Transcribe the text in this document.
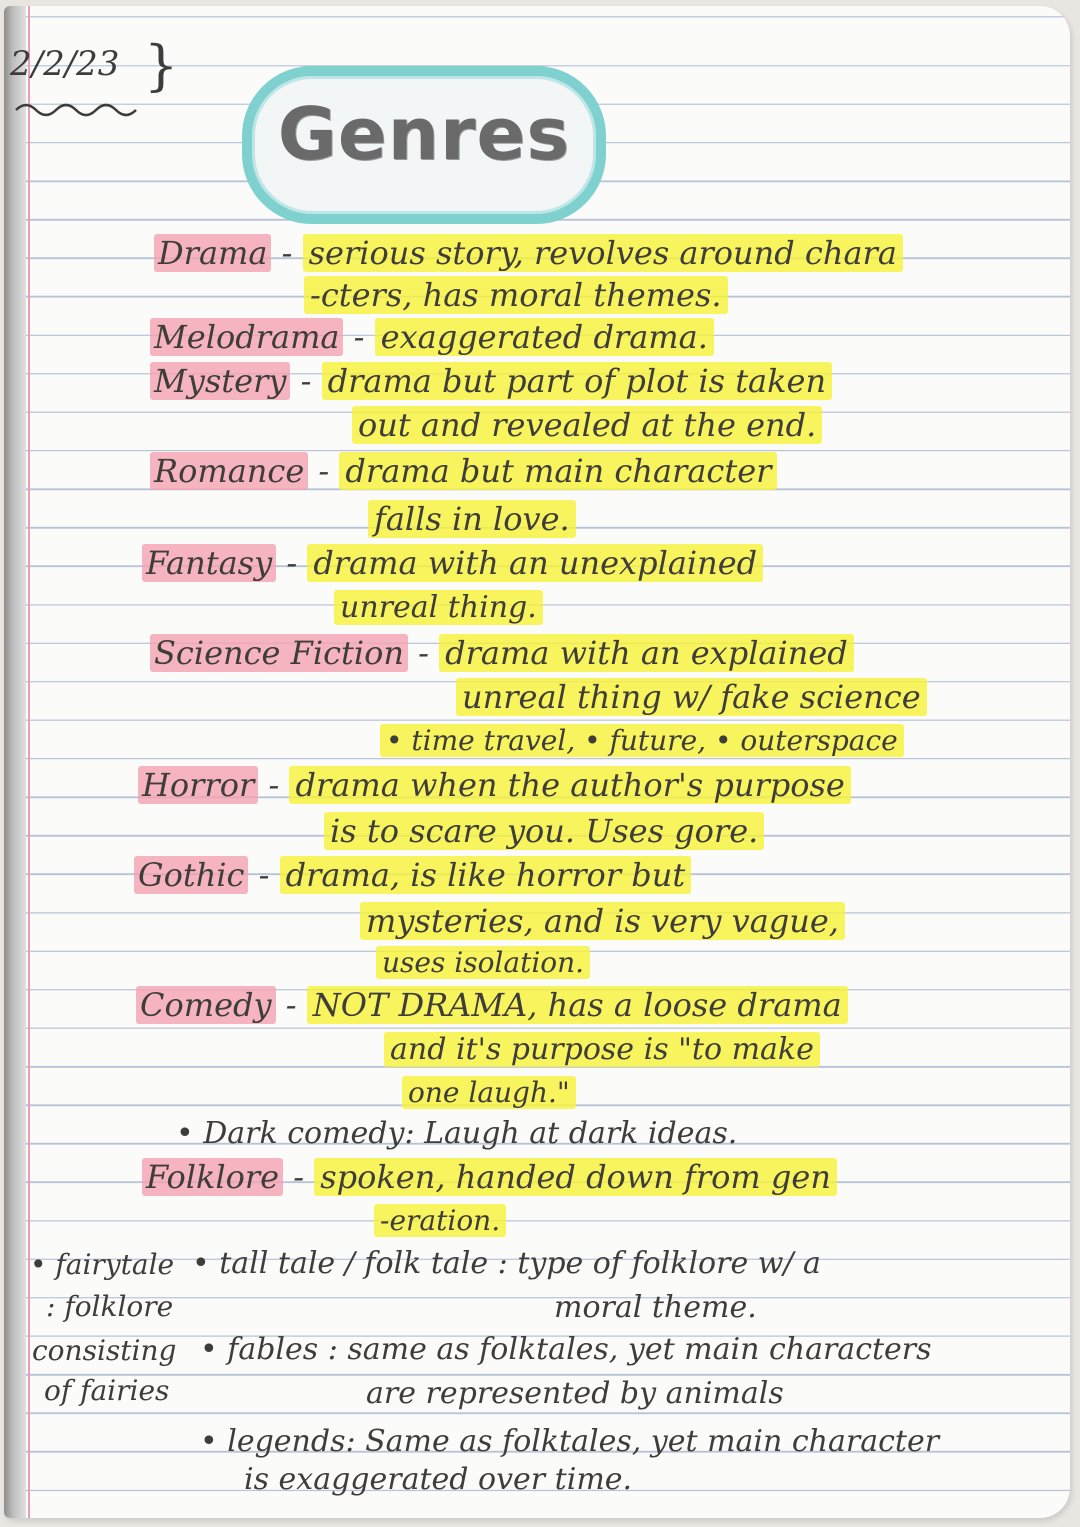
2/2/23 }
Genres
Drama - serious story, revolves around chara
-cters, has moral themes.
Melodrama - exaggerated drama.
Mystery - drama but part of plot is taken
out and revealed at the end.
Romance - drama but main character
falls in love.
Fantasy - drama with an unexplained
unreal thing.
Science Fiction - drama with an explained
unreal thing w/ fake science
• time travel, • future, • outerspace
Horror - drama when the author's purpose
is to scare you. Uses gore.
Gothic - drama, is like horror but
mysteries, and is very vague,
uses isolation.
Comedy - NOT DRAMA, has a loose drama
and it's purpose is "to make
one laugh."
• Dark comedy: Laugh at dark ideas.
Folklore - spoken, handed down from gen
-eration.
• fairytale
: folklore
consisting
of fairies
• tall tale / folk tale : type of folklore w/ a
moral theme.
• fables : same as folktales, yet main characters
are represented by animals
• legends: Same as folktales, yet main character
is exaggerated over time.
